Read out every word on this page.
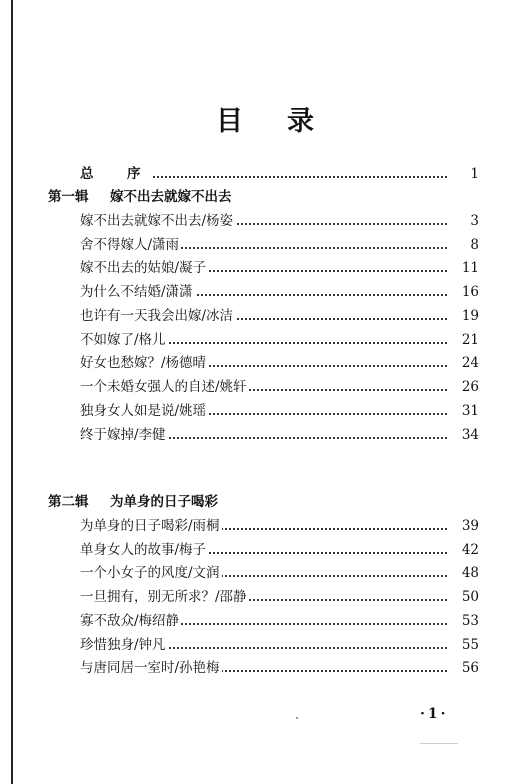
目 录
总　序	1
第一辑 嫁不出去就嫁不出去
嫁不出去就嫁不出去/杨姿	3
舍不得嫁人/潇雨	8
嫁不出去的姑娘/凝子	11
为什么不结婚/潇潇	16
也许有一天我会出嫁/冰洁	19
不如嫁了/格儿	21
好女也愁嫁？/杨德晴	24
一个未婚女强人的自述/姚轩	26
独身女人如是说/姚瑶	31
终于嫁掉/李健	34
第二辑 为单身的日子喝彩
为单身的日子喝彩/雨桐	39
单身女人的故事/梅子	42
一个小女子的风度/文润	48
一旦拥有，别无所求？/邵静	50
寡不敌众/梅绍静	53
珍惜独身/钟凡	55
与唐同居一室时/孙艳梅	56
·1·
